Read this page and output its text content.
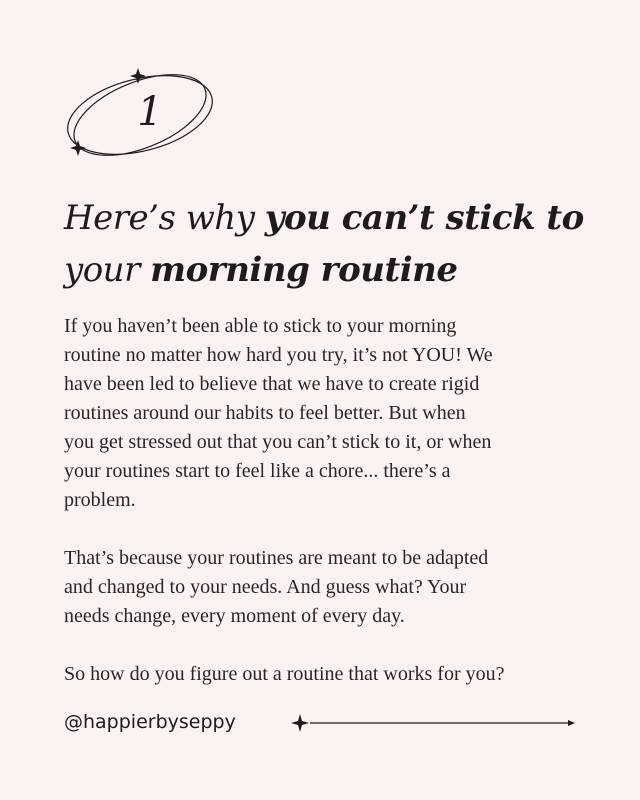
1
Here’s why you can’t stick to
your morning routine

If you haven’t been able to stick to your morning
routine no matter how hard you try, it’s not YOU! We
have been led to believe that we have to create rigid
routines around our habits to feel better. But when
you get stressed out that you can’t stick to it, or when
your routines start to feel like a chore... there’s a
problem.

That’s because your routines are meant to be adapted
and changed to your needs. And guess what? Your
needs change, every moment of every day.

So how do you figure out a routine that works for you?

@happierbyseppy
